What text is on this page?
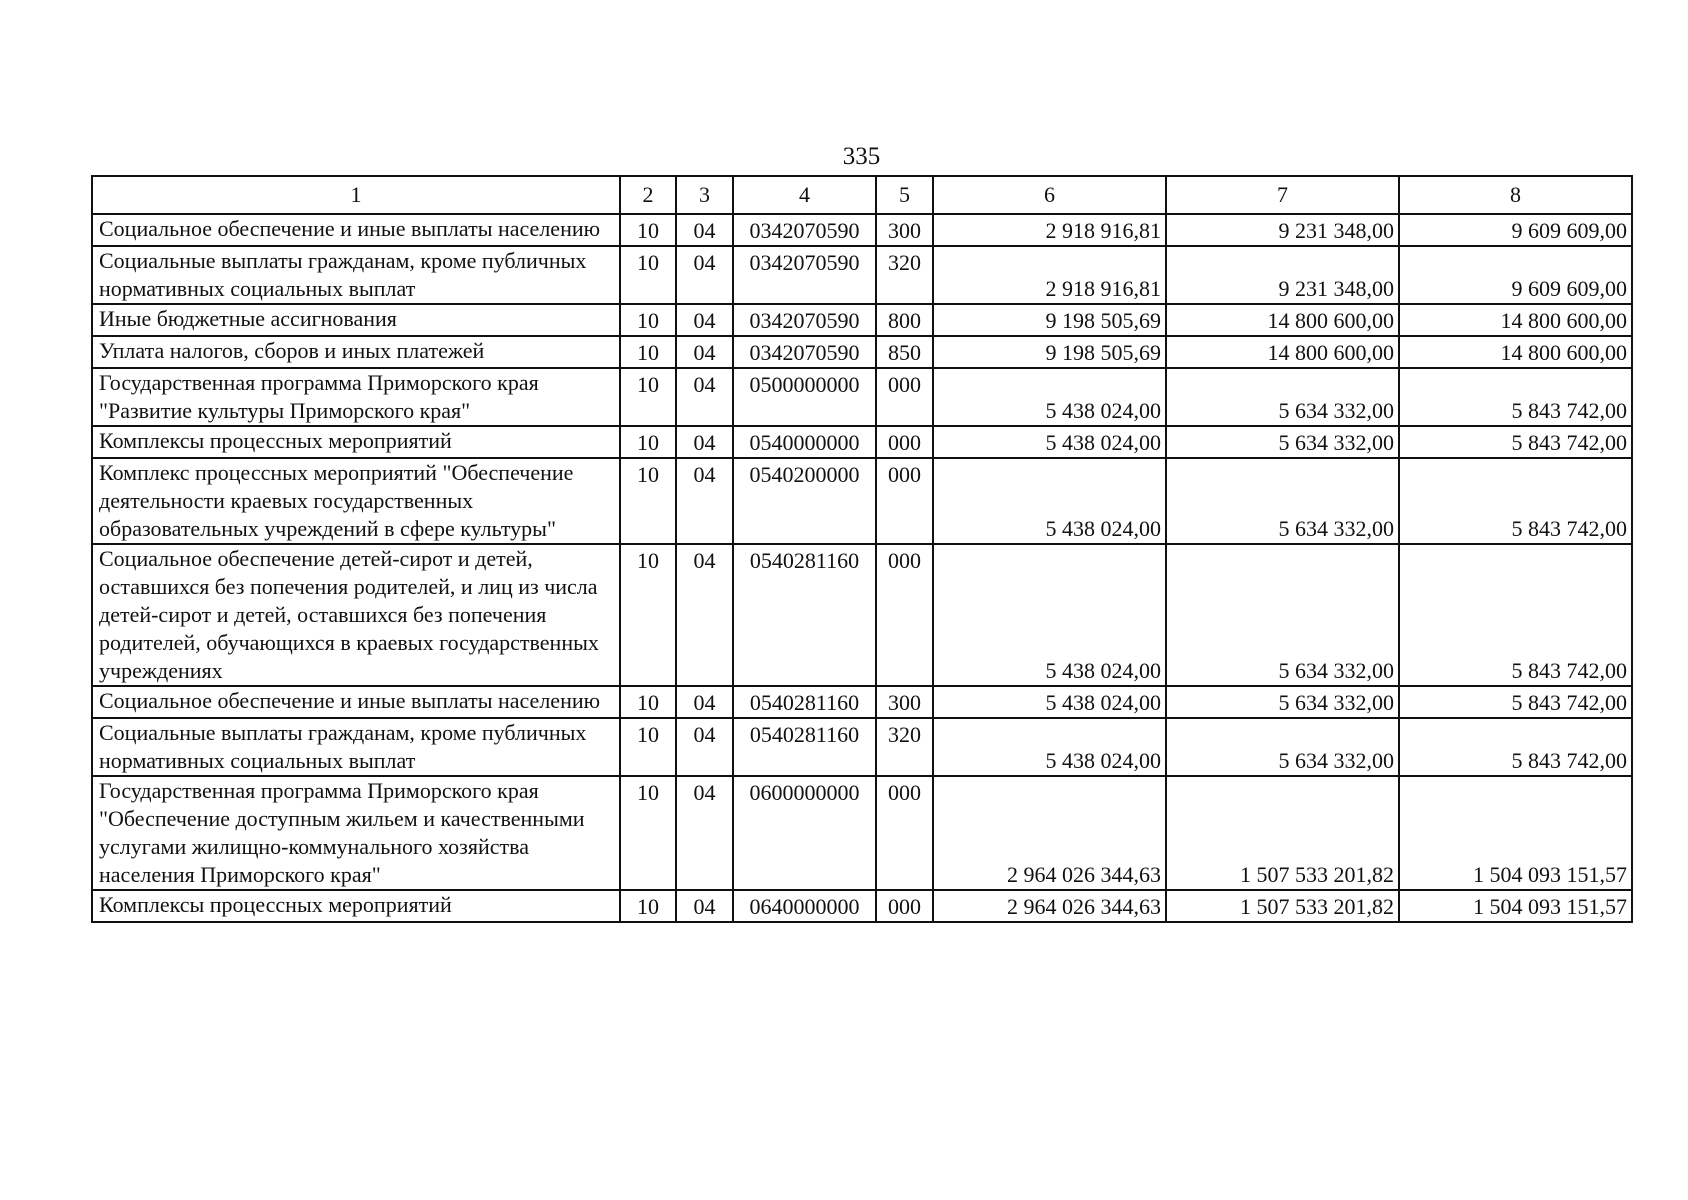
335
1	2	3	4	5	6	7	8
Социальное обеспечение и иные выплаты населению	10	04	0342070590	300	2 918 916,81	9 231 348,00	9 609 609,00
Социальные выплаты гражданам, кроме публичных нормативных социальных выплат	10	04	0342070590	320	2 918 916,81	9 231 348,00	9 609 609,00
Иные бюджетные ассигнования	10	04	0342070590	800	9 198 505,69	14 800 600,00	14 800 600,00
Уплата налогов, сборов и иных платежей	10	04	0342070590	850	9 198 505,69	14 800 600,00	14 800 600,00
Государственная программа Приморского края "Развитие культуры Приморского края"	10	04	0500000000	000	5 438 024,00	5 634 332,00	5 843 742,00
Комплексы процессных мероприятий	10	04	0540000000	000	5 438 024,00	5 634 332,00	5 843 742,00
Комплекс процессных мероприятий "Обеспечение деятельности краевых государственных образовательных учреждений в сфере культуры"	10	04	0540200000	000	5 438 024,00	5 634 332,00	5 843 742,00
Социальное обеспечение детей-сирот и детей, оставшихся без попечения родителей, и лиц из числа детей-сирот и детей, оставшихся без попечения родителей, обучающихся в краевых государственных учреждениях	10	04	0540281160	000	5 438 024,00	5 634 332,00	5 843 742,00
Социальное обеспечение и иные выплаты населению	10	04	0540281160	300	5 438 024,00	5 634 332,00	5 843 742,00
Социальные выплаты гражданам, кроме публичных нормативных социальных выплат	10	04	0540281160	320	5 438 024,00	5 634 332,00	5 843 742,00
Государственная программа Приморского края "Обеспечение доступным жильем и качественными услугами жилищно-коммунального хозяйства населения Приморского края"	10	04	0600000000	000	2 964 026 344,63	1 507 533 201,82	1 504 093 151,57
Комплексы процессных мероприятий	10	04	0640000000	000	2 964 026 344,63	1 507 533 201,82	1 504 093 151,57
